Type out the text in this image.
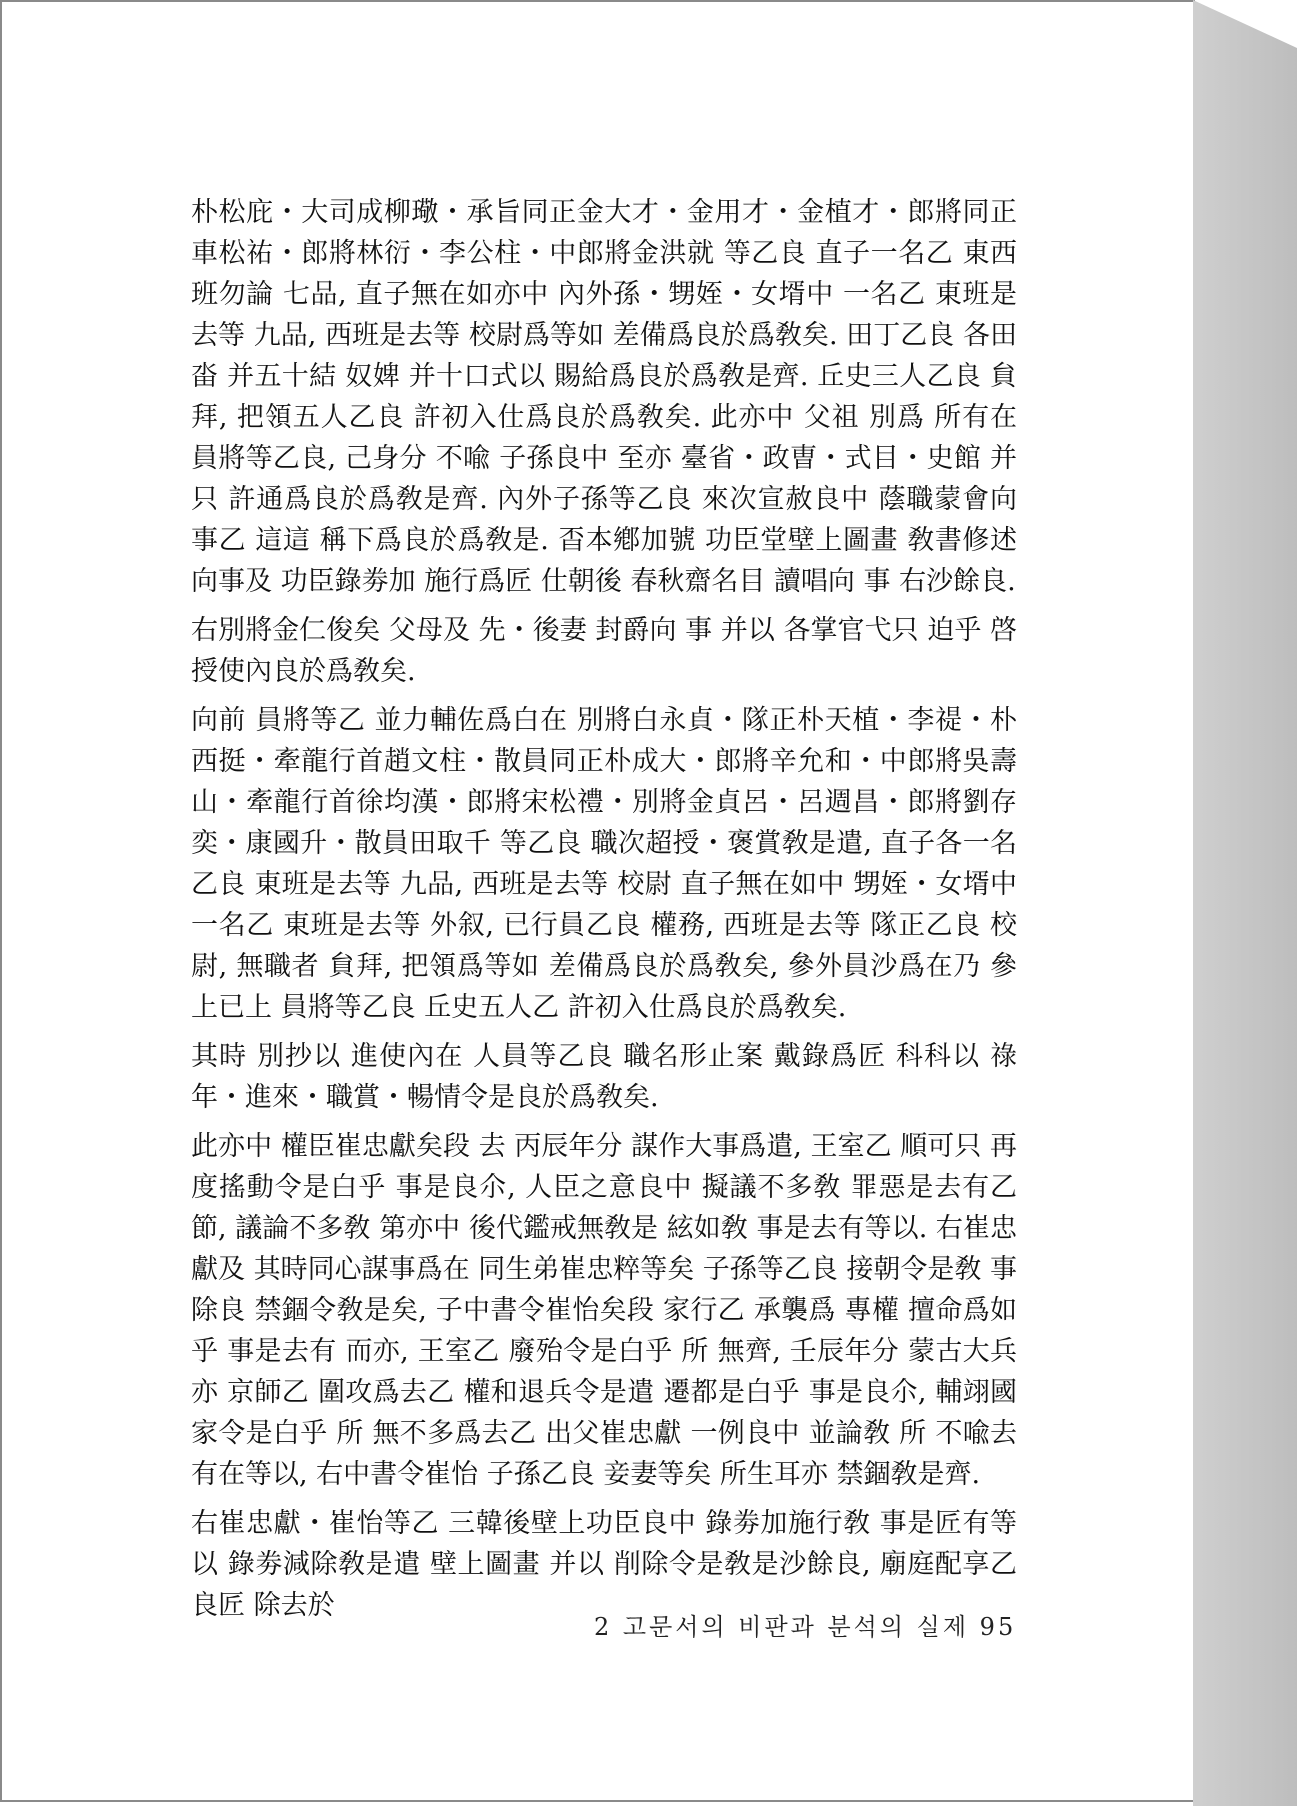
朴松庇・大司成柳璥・承旨同正金大才・金用才・金植才・郎將同正車松祐・郎將林衍・李公柱・中郎將金洪就 等乙良 直子一名乙 東西班勿論 七品, 直子無在如亦中 內外孫・甥姪・女壻中 一名乙 東班是去等 九品, 西班是去等 校尉爲等如 差備爲良於爲敎矣. 田丁乙良 各田畓 并五十結 奴婢 并十口式以 賜給爲良於爲敎是齊. 丘史三人乙良 貟拜, 把領五人乙良 許初入仕爲良於爲敎矣. 此亦中 父祖 別爲 所有在 員將等乙良, 己身分 不喩 子孫良中 至亦 臺省・政曺・式目・史館 并只 許通爲良於爲敎是齊. 內外子孫等乙良 來次宣赦良中 蔭職蒙會向 事乙 這這 稱下爲良於爲敎是. 㫘本鄕加號 功臣堂壁上圖畫 敎書修述向事及 功臣錄劵加 施行爲匠 仕朝後 春秋齋名目 讀唱向 事 右沙餘良.

右別將金仁俊矣 父母及 先・後妻 封爵向 事 并以 各掌官弋只 迫乎 啓授使內良於爲敎矣.

向前 員將等乙 並力輔佐爲白在 別將白永貞・隊正朴天植・李禔・朴西挺・牽龍行首趙文柱・散員同正朴成大・郎將辛允和・中郎將吳壽山・牽龍行首徐均漢・郎將宋松禮・別將金貞呂・呂週昌・郎將劉存奕・康國升・散員田取千 等乙良 職次超授・褒賞敎是遣, 直子各一名乙良 東班是去等 九品, 西班是去等 校尉 直子無在如中 甥姪・女壻中 一名乙 東班是去等 外叙, 已行員乙良 權務, 西班是去等 隊正乙良 校尉, 無職者 貟拜, 把領爲等如 差備爲良於爲敎矣, 參外員沙爲在乃 參上已上 員將等乙良 丘史五人乙 許初入仕爲良於爲敎矣.

其時 別抄以 進使內在 人員等乙良 職名形止案 戴錄爲匠 科科以 祿年・進來・職賞・暢情令是良於爲敎矣.

此亦中 權臣崔忠獻矣段 去 丙辰年分 謀作大事爲遣, 王室乙 順可只 再度搖動令是白乎 事是良尒, 人臣之意良中 擬議不多敎 罪惡是去有乙 節, 議論不多敎 第亦中 後代鑑戒無敎是 絃如敎 事是去有等以. 右崔忠獻及 其時同心謀事爲在 同生弟崔忠粹等矣 子孫等乙良 接朝令是敎 事 除良 禁錮令敎是矣, 子中書令崔怡矣段 家行乙 承襲爲 專權 擅命爲如乎 事是去有 而亦, 王室乙 廢殆令是白乎 所 無齊, 壬辰年分 蒙古大兵亦 京師乙 圍攻爲去乙 權和退兵令是遣 遷都是白乎 事是良尒, 輔翊國家令是白乎 所 無不多爲去乙 出父崔忠獻 一例良中 並論敎 所 不喩去有在等以, 右中書令崔怡 子孫乙良 妾妻等矣 所生耳亦 禁錮敎是齊.

右崔忠獻・崔怡等乙 三韓後壁上功臣良中 錄劵加施行敎 事是匠有等以 錄劵減除敎是遣 壁上圖畫 并以 削除令是敎是沙餘良, 廟庭配享乙良匠 除去於

2 고문서의 비판과 분석의 실제 95
